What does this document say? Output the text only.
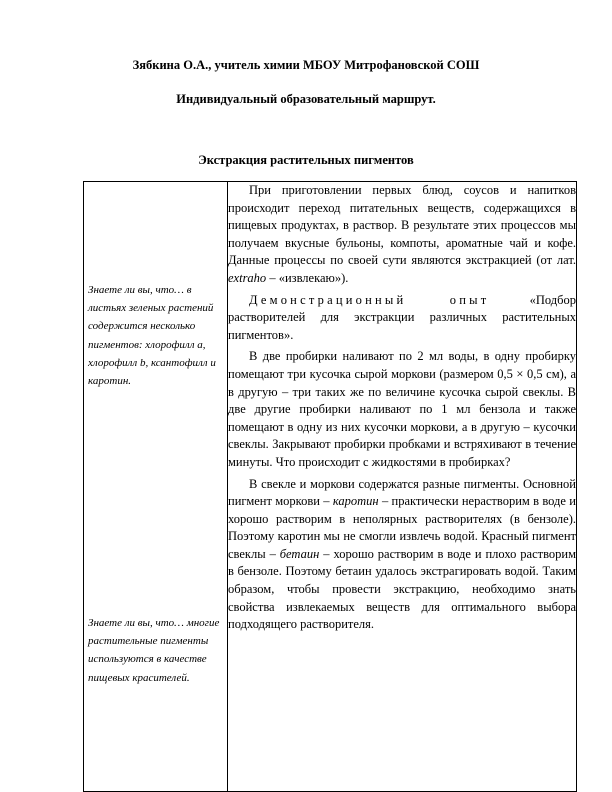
Зябкина О.А., учитель химии МБОУ Митрофановской СОШ
Индивидуальный образовательный маршрут.
Экстракция растительных пигментов
Знаете ли вы, что… в листьях зеленых растений содержится несколько пигментов: хлорофилл a, хлорофилл b, ксантофилл и каротин.
Знаете ли вы, что… многие растительные пигменты используются в качестве пищевых красителей.

При приготовлении первых блюд, соусов и напитков происходит переход питательных веществ, содержащихся в пищевых продуктах, в раствор. В результате этих процессов мы получаем вкусные бульоны, компоты, ароматные чай и кофе. Данные процессы по своей сути являются экстракцией (от лат. extraho – «извлекаю»).

Демонстрационный опыт «Подбор растворителей для экстракции различных растительных пигментов».

В две пробирки наливают по 2 мл воды, в одну пробирку помещают три кусочка сырой моркови (размером 0,5 × 0,5 см), а в другую – три таких же по величине кусочка сырой свеклы. В две другие пробирки наливают по 1 мл бензола и также помещают в одну из них кусочки моркови, а в другую – кусочки свеклы. Закрывают пробирки пробками и встряхивают в течение минуты. Что происходит с жидкостями в пробирках?

В свекле и моркови содержатся разные пигменты. Основной пигмент моркови – каротин – практически нерастворим в воде и хорошо растворим в неполярных растворителях (в бензоле). Поэтому каротин мы не смогли извлечь водой. Красный пигмент свеклы – бетаин – хорошо растворим в воде и плохо растворим в бензоле. Поэтому бетаин удалось экстрагировать водой. Таким образом, чтобы провести экстракцию, необходимо знать свойства извлекаемых веществ для оптимального выбора подходящего растворителя.
